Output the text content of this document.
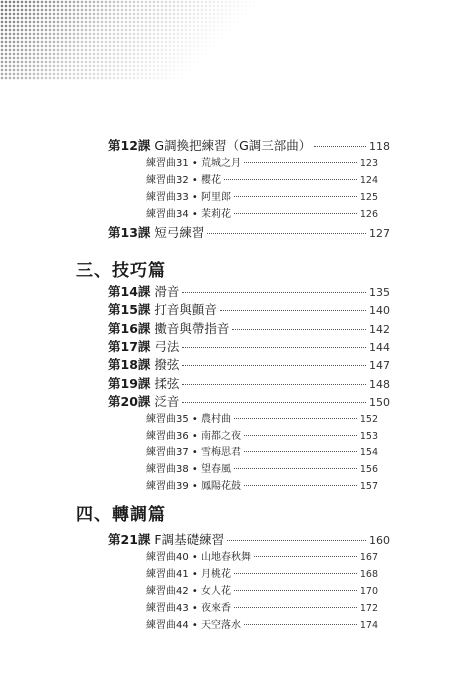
第12課 G調換把練習（G調三部曲）	118
練習曲31 • 荒城之月	123
練習曲32 • 櫻花	124
練習曲33 • 阿里郎	125
練習曲34 • 茉莉花	126
第13課 短弓練習	127
三、技巧篇
第14課 滑音	135
第15課 打音與顫音	140
第16課 擻音與帶指音	142
第17課 弓法	144
第18課 撥弦	147
第19課 揉弦	148
第20課 泛音	150
練習曲35 • 農村曲	152
練習曲36 • 南都之夜	153
練習曲37 • 雪梅思君	154
練習曲38 • 望春風	156
練習曲39 • 鳳陽花鼓	157
四、轉調篇
第21課 F調基礎練習	160
練習曲40 • 山地春秋舞	167
練習曲41 • 月桃花	168
練習曲42 • 女人花	170
練習曲43 • 夜來香	172
練習曲44 • 天空落水	174
